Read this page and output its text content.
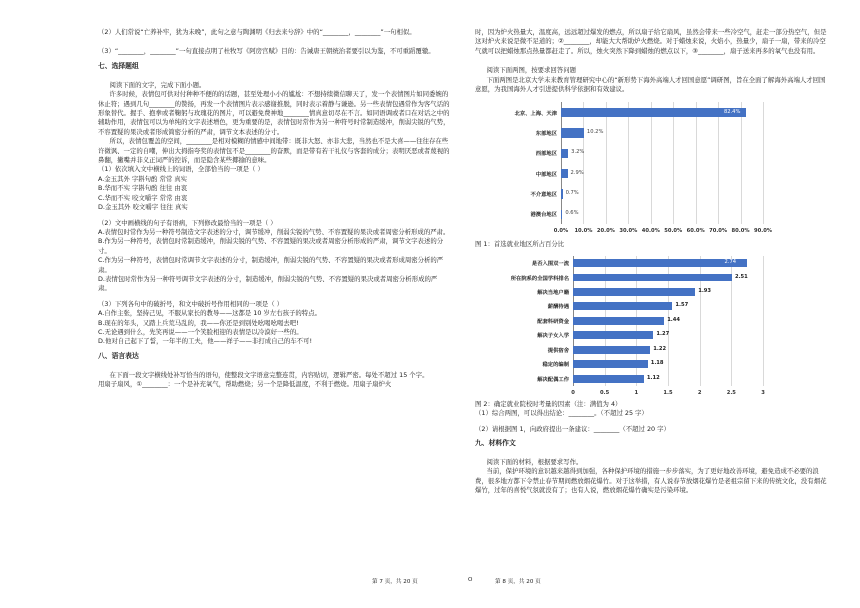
（2）人们常说“亡养补牢，犹为未晚”，此句之意与陶渊明《归去来兮辞》中的“________，________”一句相似。

（3）“________，________”一句直接点明了杜牧写《阿房宫赋》目的：告诫唐王朝统治者要引以为鉴，不可重蹈覆辙。

七、选择题组

阅读下面的文字，完成下面小题。

许多时候，表情包可供对付种种不便的的话题，甚至处理小小的尴尬：不想持续微信聊天了，发一个表情图片如同委婉的休止符；遇到几句________的赞扬，再发一个表情图片表示感谢推脱，同时表示着静与谦逊。另一些表情包遇常作为客气话的形象替代。握手、抱拳或者鞠躬与玫瑰花的图片，可以避免费神地________情真意切尽在不言。如同语调或者口在对话之中的辅助作用，表情包可以为单纯的文字表述增色，更为重要的是，表情包时常作为另一种符号时常制造缓冲，削弱尖锐的气势，不容置疑的果决或者形成简密分析的严肃，调节文本表述的分寸。

所以，表情包覆盖的空间，________是相对模糊的情感中间地带：既非大怒、亦非大悲，当然也不是大喜——往往存在些许微讽、一定的自嘲，伸出大拇指夸奖的表情包不是________的奋默，而是带有若干礼仪与客套的成分；表明厌恶或者蔑视的鼻翻，撇嘴并非义正词严的控诉，而是隐含某些揶揄的意味。

（1）依次填入文中横线上的词语，全部恰当的一项是（ ）

A.金玉其外 字斟句酌 常常 真实

B.华而不实 字斟句酌 往往 由衷

C.华而不实 咬文嚼字 常常 由衷

D.金玉其外 咬文嚼字 往往 真实

（2）文中画横线的句子有语病，下列修改最恰当的一项是（ ）

A.表情包时常作为另一种符号制造文字表述的分寸，调节缓冲，削弱尖锐的气势、不容置疑的果决或者周密分析形成的严肃。

B.作为另一种符号，表情包时常制造缓冲，削弱尖锐的气势、不容置疑的果决或者周密分析形成的严肃，调节文字表述的分寸。

C.作为另一种符号，表情包时常调节文字表述的分寸，制造缓冲，削弱尖锐的气势、不容置疑的果决或者形成周密分析的严肃。

D.表情包时常作为另一种符号调节文字表述的分寸，制造缓冲，削弱尖锐的气势、不容置疑的果决或者周密分析形成的严肃。

（3）下列各句中的破折号，和文中破折号作用相同的一项是（ ）

A.自作主张，坚持己见，不服从家长的教导——这都是 10 岁左右孩子的特点。

B.现在的年头，又踏上兵荒马乱的，我——你还是到别处吆喝吆喝去吧!

C.无论遇到什么，先笑再说——一个笑脸相迎的表情是以冷漠好一些的。

D.他对自己起下了誓，一年半的工夫，他——祥子——非打成自己的车不可!

八、语言表达

在下面一段文字横线处补写恰当的语句，使整段文字语意完整连贯，内容贴切，逻辑严密。每处不超过 15 个字。

用扇子扇风，①________：一个是补充氧气，帮助燃烧；另一个是降低温度，不利于燃烧。用扇子扇炉火

时，因为炉火热量大，温度高，远远超过爆发的燃点，所以扇子给它扇风，虽然会带来一些冷空气，赶走一部分热空气，但是这对炉火来说是微不足道的；②________，却能大大帮助炉火燃烧。对于蜡烛来说，火焰小，热量少，扇子一扇，带来的冷空气就可以把蜡烛那点热量都赶走了。所以，烛火突然下降到蜡烛的燃点以下，③________，扇子送来再多的氧气也没有用。

阅读下面两图，按要求回答问题

下面两图是北京大学未来教育管理研究中心的“新形势下海外高端人才回国意愿”调研图，旨在全面了解海外高端人才回国意愿，为我国海外人才引进提供科学依据和有效建议。

0.0% 10.0% 20.0% 30.0% 40.0% 50.0% 60.0% 70.0% 80.0% 90.0%
北京、上海、天津	82.4%
东部地区	10.2%
西部地区	3.2%
中部地区	2.9%
不介意地区 0.7%
港澳台地区 0.6%

图 1：首选就业地区所占百分比

0	0.5	1	1.5	2	2.5	3
是否入围双一流	2.74
所在院系的全国学科排名	2.51
解决当地户籍	1.93
薪酬待遇	1.57
配套科研资金	1.44
解决子女入学	1.27
提供宿舍	1.22
稳定的编制	1.18
解决配偶工作	1.12

图 2：确定就业院校时考量的因素（注：满值为 4）

（1）综合两图，可以得出结论：________。（不超过 25 字）

（2）请根据图 1，向政府提出一条建议：________（不超过 20 字）

九、材料作文

阅读下面的材料，根据要求写作。

当前，保护环境的意识越来越得到加强，各种保护环境的措施一步步落实，为了更好地改善环境，避免造成不必要的浪费，很多地方都下令禁止春节期间燃放烟花爆竹。对于这举措，有人说春节放烟花爆竹是老祖宗留下来的传统文化，没有烟花爆竹，过年的喜悦气氛就没有了；也有人说，燃放烟花爆竹确实是污染环境。

第 7 页，共 20 页	O	第 8 页，共 20 页
